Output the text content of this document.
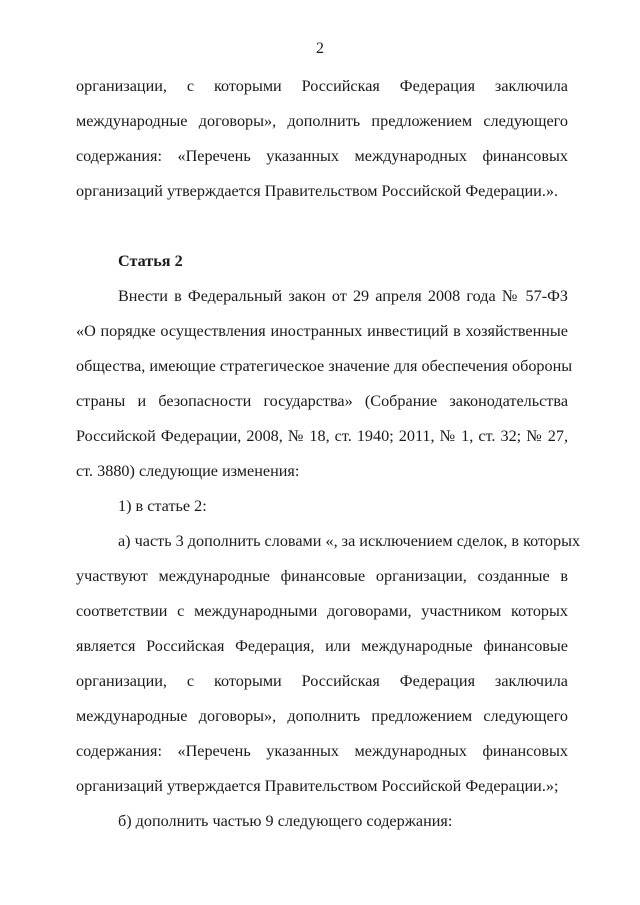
2
организации, с которыми Российская Федерация заключила
международные договоры», дополнить предложением следующего
содержания: «Перечень указанных международных финансовых
организаций утверждается Правительством Российской Федерации.».
Статья 2
Внести в Федеральный закон от 29 апреля 2008 года № 57-ФЗ
«О порядке осуществления иностранных инвестиций в хозяйственные
общества, имеющие стратегическое значение для обеспечения обороны
страны и безопасности государства» (Собрание законодательства
Российской Федерации, 2008, № 18, ст. 1940; 2011, № 1, ст. 32; № 27,
ст. 3880) следующие изменения:
1) в статье 2:
а) часть 3 дополнить словами «, за исключением сделок, в которых
участвуют международные финансовые организации, созданные в
соответствии с международными договорами, участником которых
является Российская Федерация, или международные финансовые
организации, с которыми Российская Федерация заключила
международные договоры», дополнить предложением следующего
содержания: «Перечень указанных международных финансовых
организаций утверждается Правительством Российской Федерации.»;
б) дополнить частью 9 следующего содержания:
